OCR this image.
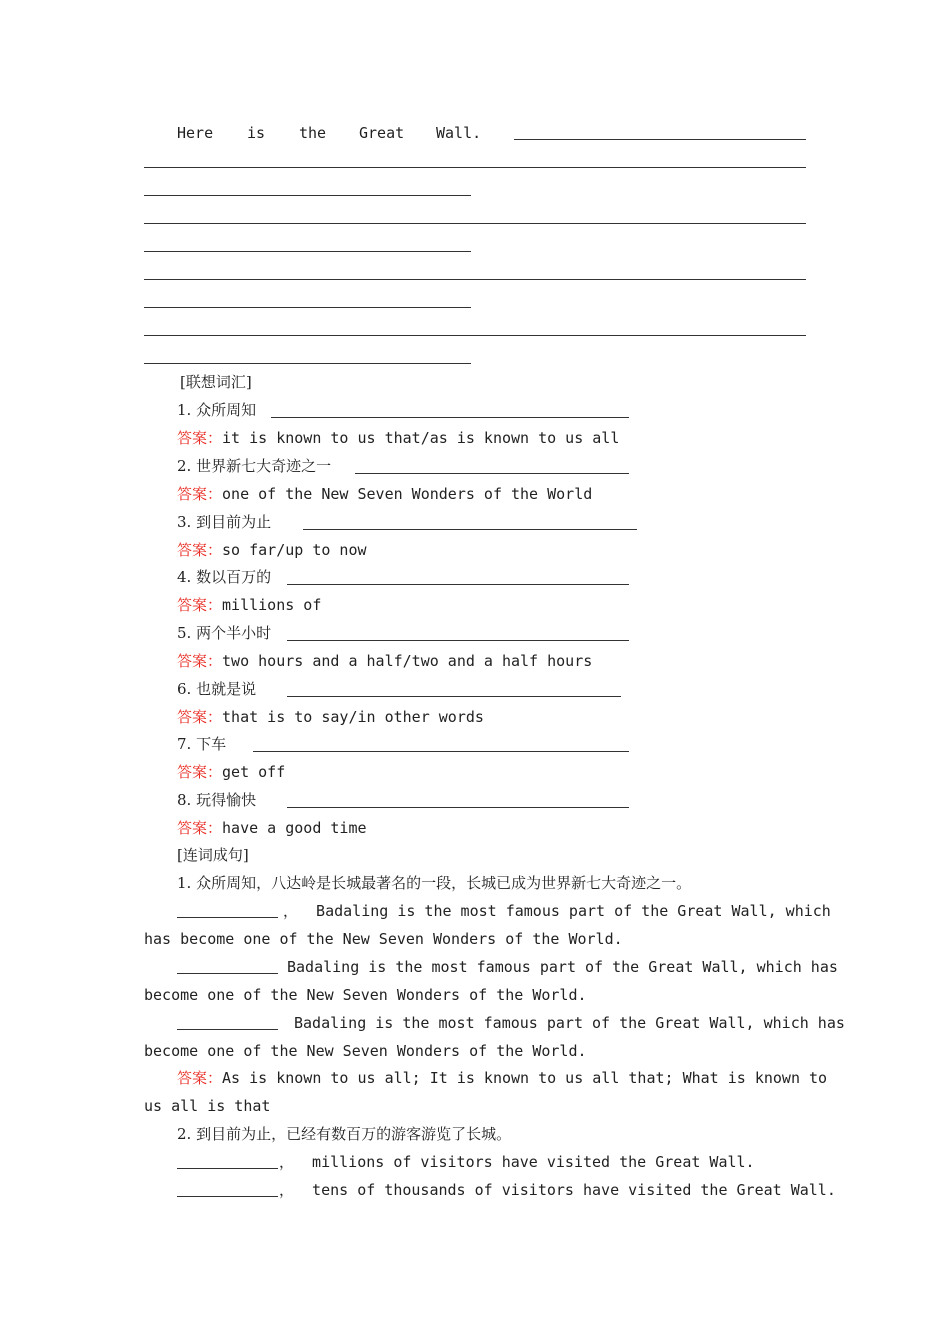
Here is the Great Wall.
[联想词汇]
1. 众所周知
答案：it is known to us that/as is known to us all
2. 世界新七大奇迹之一
答案：one of the New Seven Wonders of the World
3. 到目前为止
答案：so far/up to now
4. 数以百万的
答案：millions of
5. 两个半小时
答案：two hours and a half/two and a half hours
6. 也就是说
答案：that is to say/in other words
7. 下车
答案：get off
8. 玩得愉快
答案：have a good time
[连词成句]
1. 众所周知，八达岭是长城最著名的一段，长城已成为世界新七大奇迹之一。
，  Badaling is the most famous part of the Great Wall, which
has become one of the New Seven Wonders of the World.
Badaling is the most famous part of the Great Wall, which has
become one of the New Seven Wonders of the World.
Badaling is the most famous part of the Great Wall, which has
become one of the New Seven Wonders of the World.
答案：As is known to us all; It is known to us all that; What is known to
us all is that
2. 到目前为止，已经有数百万的游客游览了长城。
，  millions of visitors have visited the Great Wall.
，  tens of thousands of visitors have visited the Great Wall.
